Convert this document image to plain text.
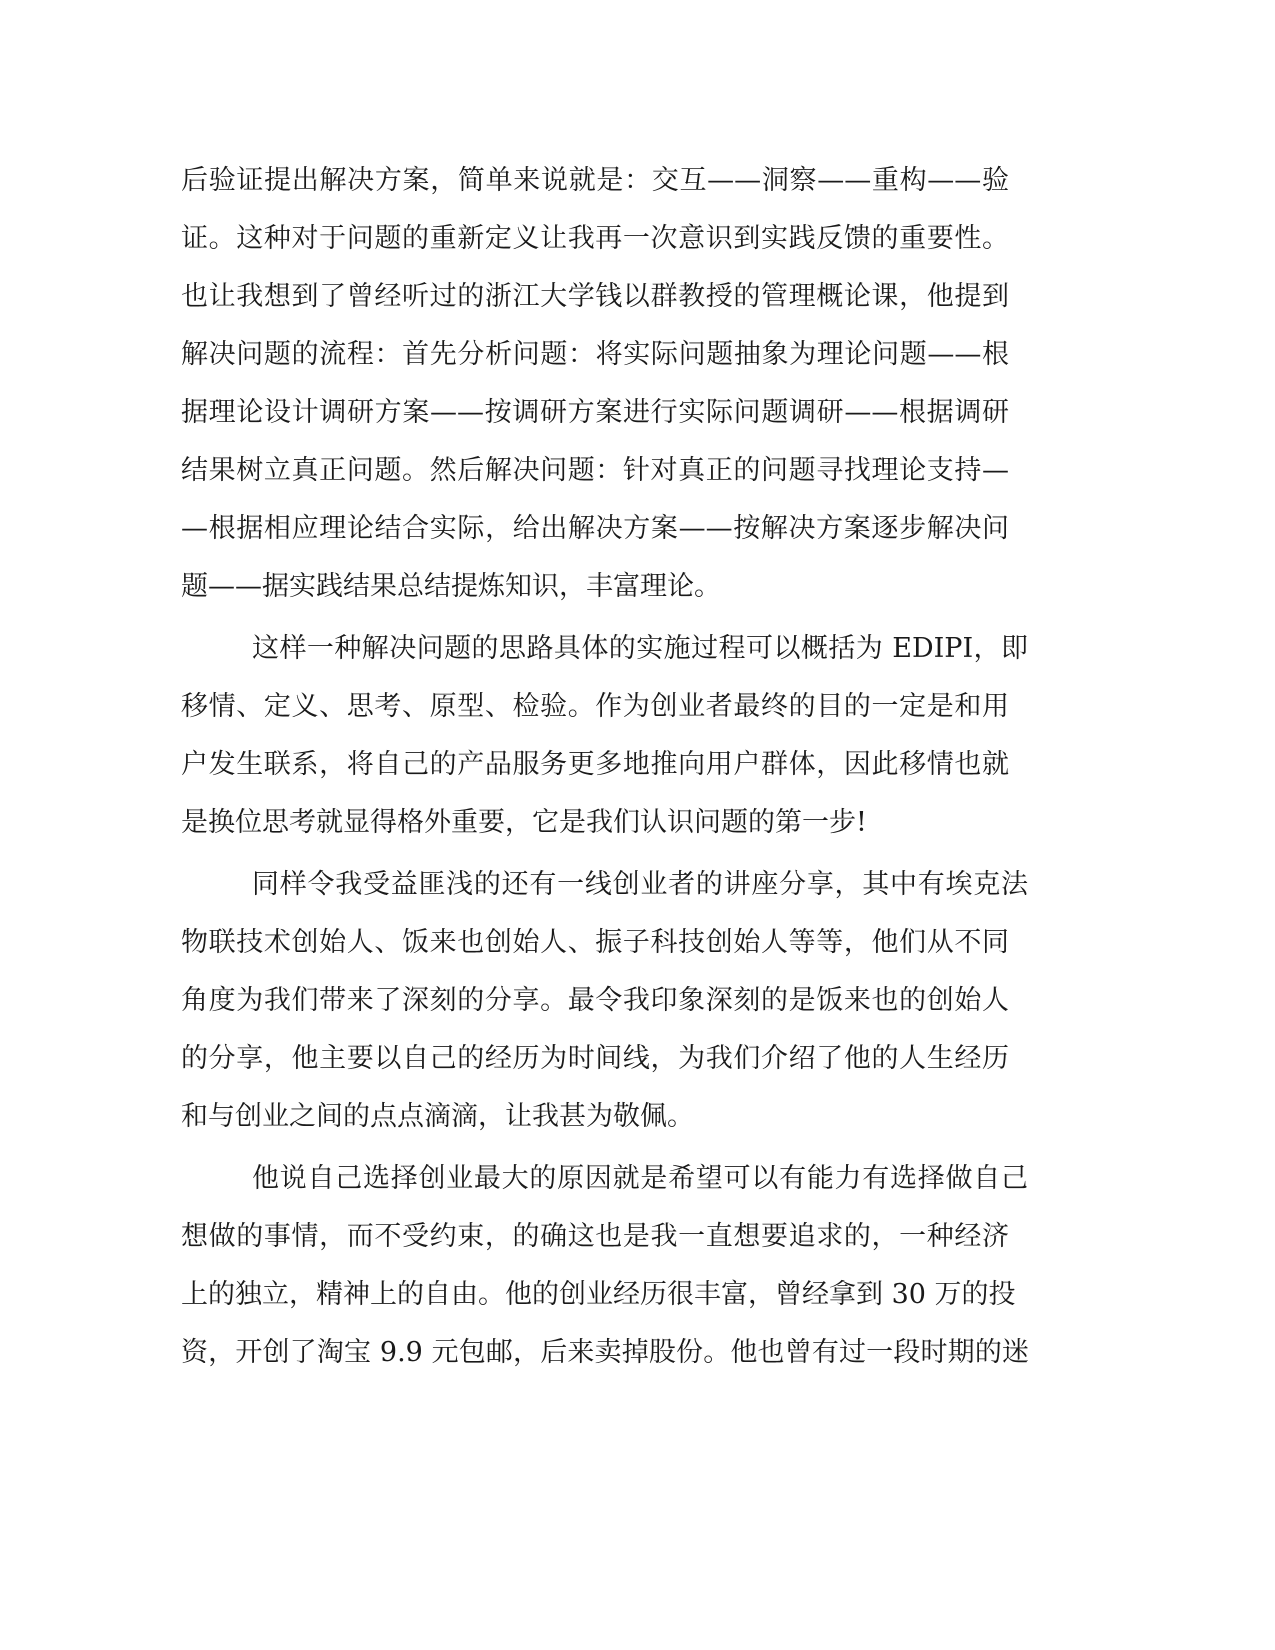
后验证提出解决方案，简单来说就是：交互——洞察——重构——验
证。这种对于问题的重新定义让我再一次意识到实践反馈的重要性。
也让我想到了曾经听过的浙江大学钱以群教授的管理概论课，他提到
解决问题的流程：首先分析问题：将实际问题抽象为理论问题——根
据理论设计调研方案——按调研方案进行实际问题调研——根据调研
结果树立真正问题。然后解决问题：针对真正的问题寻找理论支持—
—根据相应理论结合实际，给出解决方案——按解决方案逐步解决问
题——据实践结果总结提炼知识，丰富理论。
这样一种解决问题的思路具体的实施过程可以概括为 EDIPI，即
移情、定义、思考、原型、检验。作为创业者最终的目的一定是和用
户发生联系，将自己的产品服务更多地推向用户群体，因此移情也就
是换位思考就显得格外重要，它是我们认识问题的第一步!
同样令我受益匪浅的还有一线创业者的讲座分享，其中有埃克法
物联技术创始人、饭来也创始人、振子科技创始人等等，他们从不同
角度为我们带来了深刻的分享。最令我印象深刻的是饭来也的创始人
的分享，他主要以自己的经历为时间线，为我们介绍了他的人生经历
和与创业之间的点点滴滴，让我甚为敬佩。
他说自己选择创业最大的原因就是希望可以有能力有选择做自己
想做的事情，而不受约束，的确这也是我一直想要追求的，一种经济
上的独立，精神上的自由。他的创业经历很丰富，曾经拿到 30 万的投
资，开创了淘宝 9.9 元包邮，后来卖掉股份。他也曾有过一段时期的迷
